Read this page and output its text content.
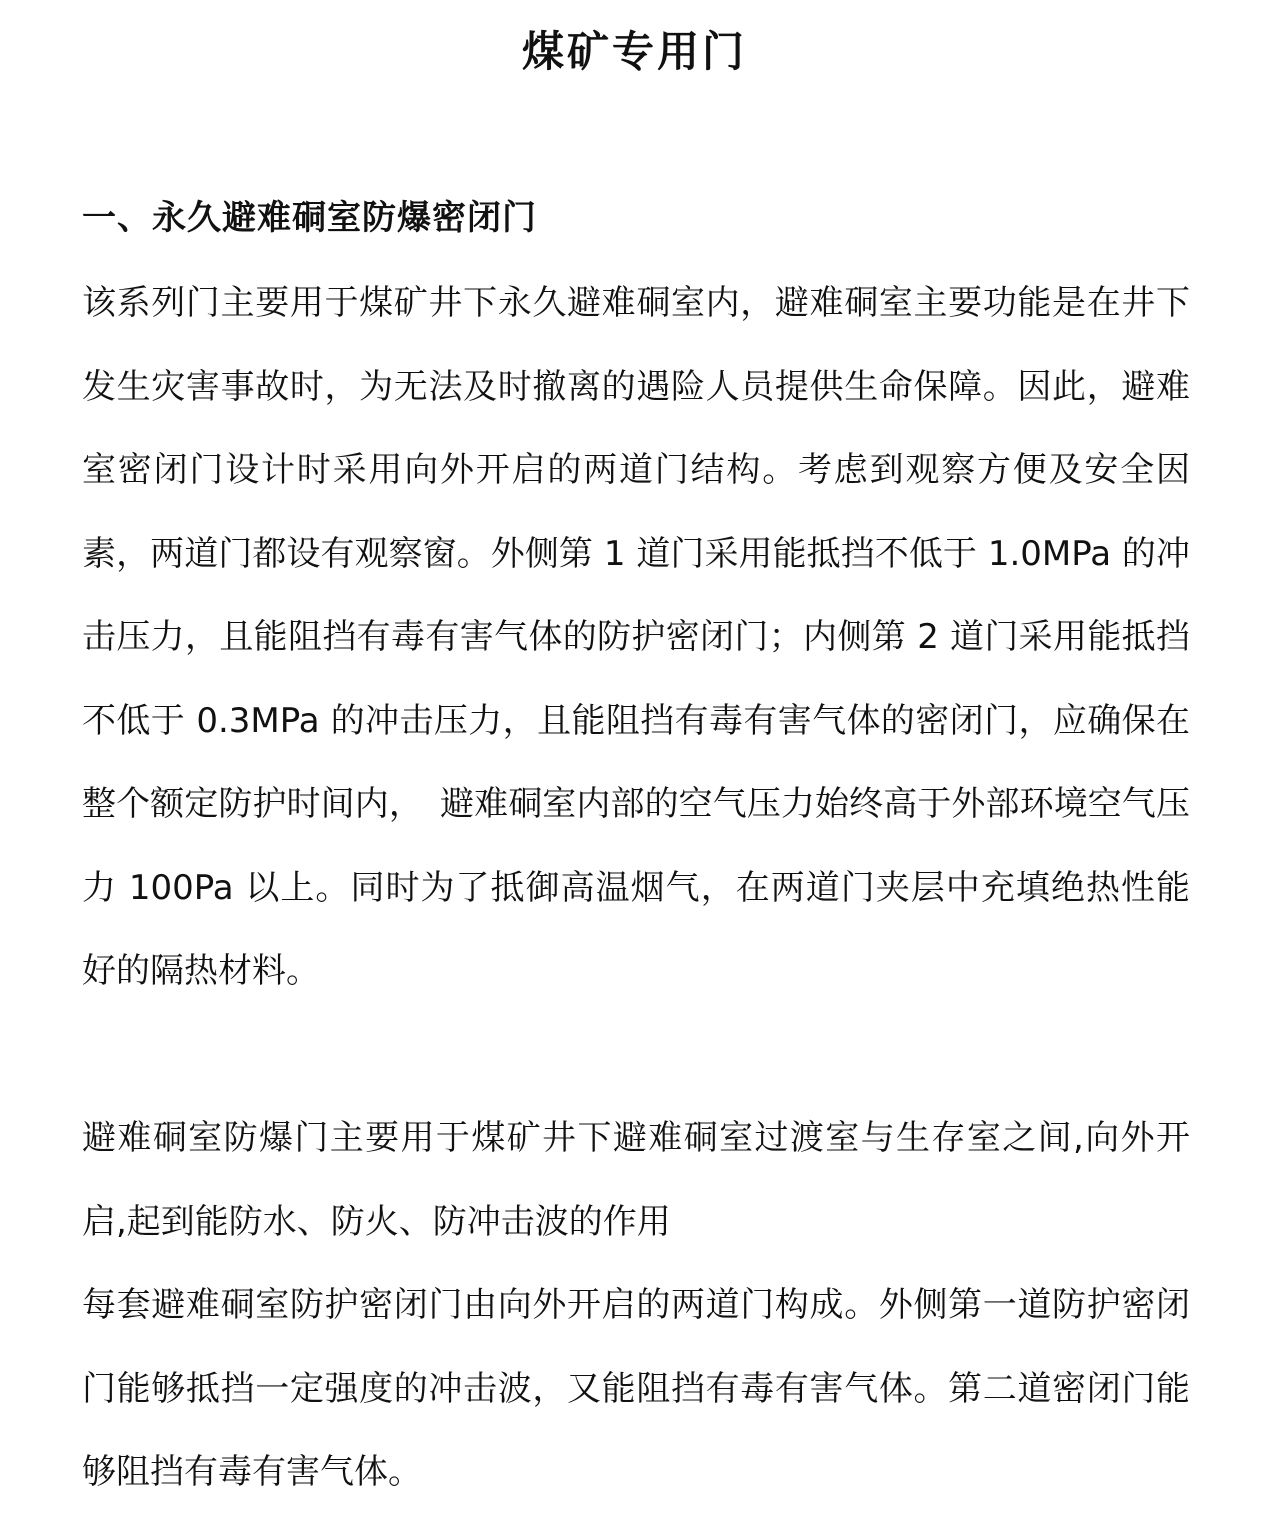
煤矿专用门
一、永久避难硐室防爆密闭门

该系列门主要用于煤矿井下永久避难硐室内，避难硐室主要功能是在井下发生灾害事故时，为无法及时撤离的遇险人员提供生命保障。因此，避难室密闭门设计时采用向外开启的两道门结构。考虑到观察方便及安全因素，两道门都设有观察窗。外侧第 1 道门采用能抵挡不低于 1.0MPa 的冲击压力，且能阻挡有毒有害气体的防护密闭门；内侧第 2 道门采用能抵挡不低于 0.3MPa 的冲击压力，且能阻挡有毒有害气体的密闭门，应确保在整个额定防护时间内，　避难硐室内部的空气压力始终高于外部环境空气压力 100Pa 以上。同时为了抵御高温烟气，在两道门夹层中充填绝热性能好的隔热材料。

避难硐室防爆门主要用于煤矿井下避难硐室过渡室与生存室之间,向外开启,起到能防水、防火、防冲击波的作用

每套避难硐室防护密闭门由向外开启的两道门构成。外侧第一道防护密闭门能够抵挡一定强度的冲击波，又能阻挡有毒有害气体。第二道密闭门能够阻挡有毒有害气体。
